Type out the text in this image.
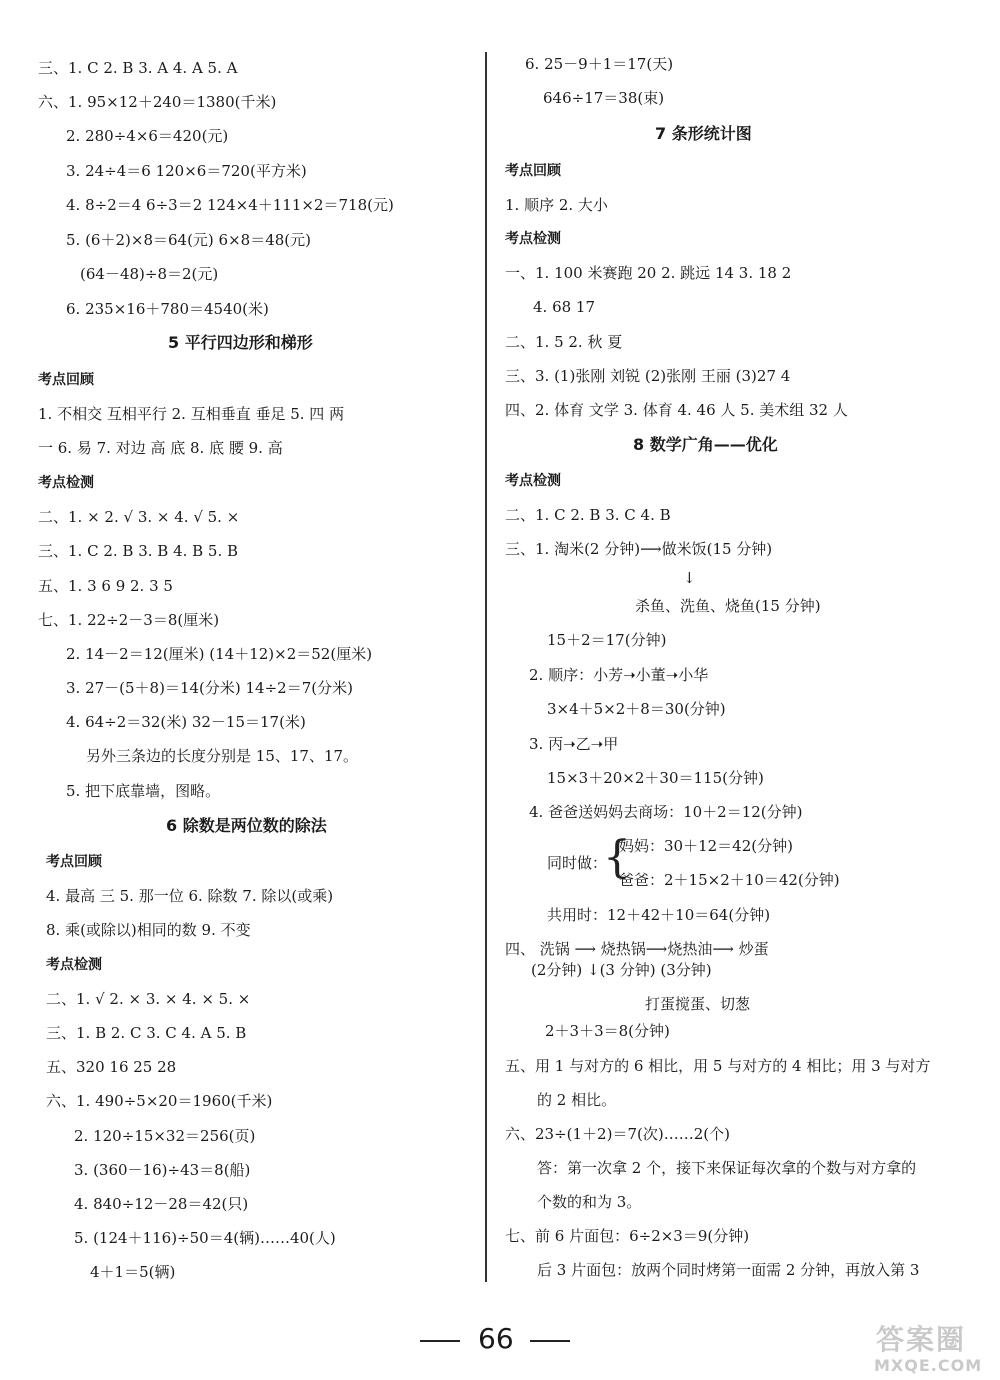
三、1. C 2. B 3. A 4. A 5. A
六、1. 95×12＋240＝1380(千米)
2. 280÷4×6＝420(元)
3. 24÷4＝6 120×6＝720(平方米)
4. 8÷2＝4 6÷3＝2 124×4＋111×2＝718(元)
5. (6＋2)×8＝64(元) 6×8＝48(元)
(64－48)÷8＝2(元)
6. 235×16＋780＝4540(米)
5 平行四边形和梯形
考点回顾
1. 不相交 互相平行 2. 互相垂直 垂足 5. 四 两
一 6. 易 7. 对边 高 底 8. 底 腰 9. 高
考点检测
二、1. × 2. √ 3. × 4. √ 5. ×
三、1. C 2. B 3. B 4. B 5. B
五、1. 3 6 9 2. 3 5
七、1. 22÷2－3＝8(厘米)
2. 14－2＝12(厘米) (14＋12)×2＝52(厘米)
3. 27－(5＋8)＝14(分米) 14÷2＝7(分米)
4. 64÷2＝32(米) 32－15＝17(米)
另外三条边的长度分别是 15、17、17。
5. 把下底靠墙，图略。
6 除数是两位数的除法
考点回顾
4. 最高 三 5. 那一位 6. 除数 7. 除以(或乘)
8. 乘(或除以)相同的数 9. 不变
考点检测
二、1. √ 2. × 3. × 4. × 5. ×
三、1. B 2. C 3. C 4. A 5. B
五、320 16 25 28
六、1. 490÷5×20＝1960(千米)
2. 120÷15×32＝256(页)
3. (360－16)÷43＝8(船)
4. 840÷12－28＝42(只)
5. (124＋116)÷50＝4(辆)……40(人)
4＋1＝5(辆)
{
6. 25－9＋1＝17(天)
646÷17＝38(束)
7 条形统计图
考点回顾
1. 顺序 2. 大小
考点检测
一、1. 100 米赛跑 20 2. 跳远 14 3. 18 2
4. 68 17
二、1. 5 2. 秋 夏
三、3. (1)张刚 刘锐 (2)张刚 王丽 (3)27 4
四、2. 体育 文学 3. 体育 4. 46 人 5. 美术组 32 人
8 数学广角——优化
考点检测
二、1. C 2. B 3. C 4. B
三、1. 淘米(2 分钟)⟶做米饭(15 分钟)
↓
杀鱼、洗鱼、烧鱼(15 分钟)
15＋2＝17(分钟)
2. 顺序：小芳➝小董➝小华
3×4＋5×2＋8＝30(分钟)
3. 丙➝乙➝甲
15×3＋20×2＋30＝115(分钟)
4. 爸爸送妈妈去商场：10＋2＝12(分钟)
妈妈：30＋12＝42(分钟)
同时做：
爸爸：2＋15×2＋10＝42(分钟)
共用时：12＋42＋10＝64(分钟)
四、 洗锅 ⟶ 烧热锅⟶烧热油⟶ 炒蛋
(2分钟) ↓(3 分钟) (3分钟)
打蛋搅蛋、切葱
2＋3＋3＝8(分钟)
五、用 1 与对方的 6 相比，用 5 与对方的 4 相比；用 3 与对方
的 2 相比。
六、23÷(1＋2)＝7(次)……2(个)
答：第一次拿 2 个，接下来保证每次拿的个数与对方拿的
个数的和为 3。
七、前 6 片面包：6÷2×3＝9(分钟)
后 3 片面包：放两个同时烤第一面需 2 分钟，再放入第 3
66	答案圈
MXQE.COM
